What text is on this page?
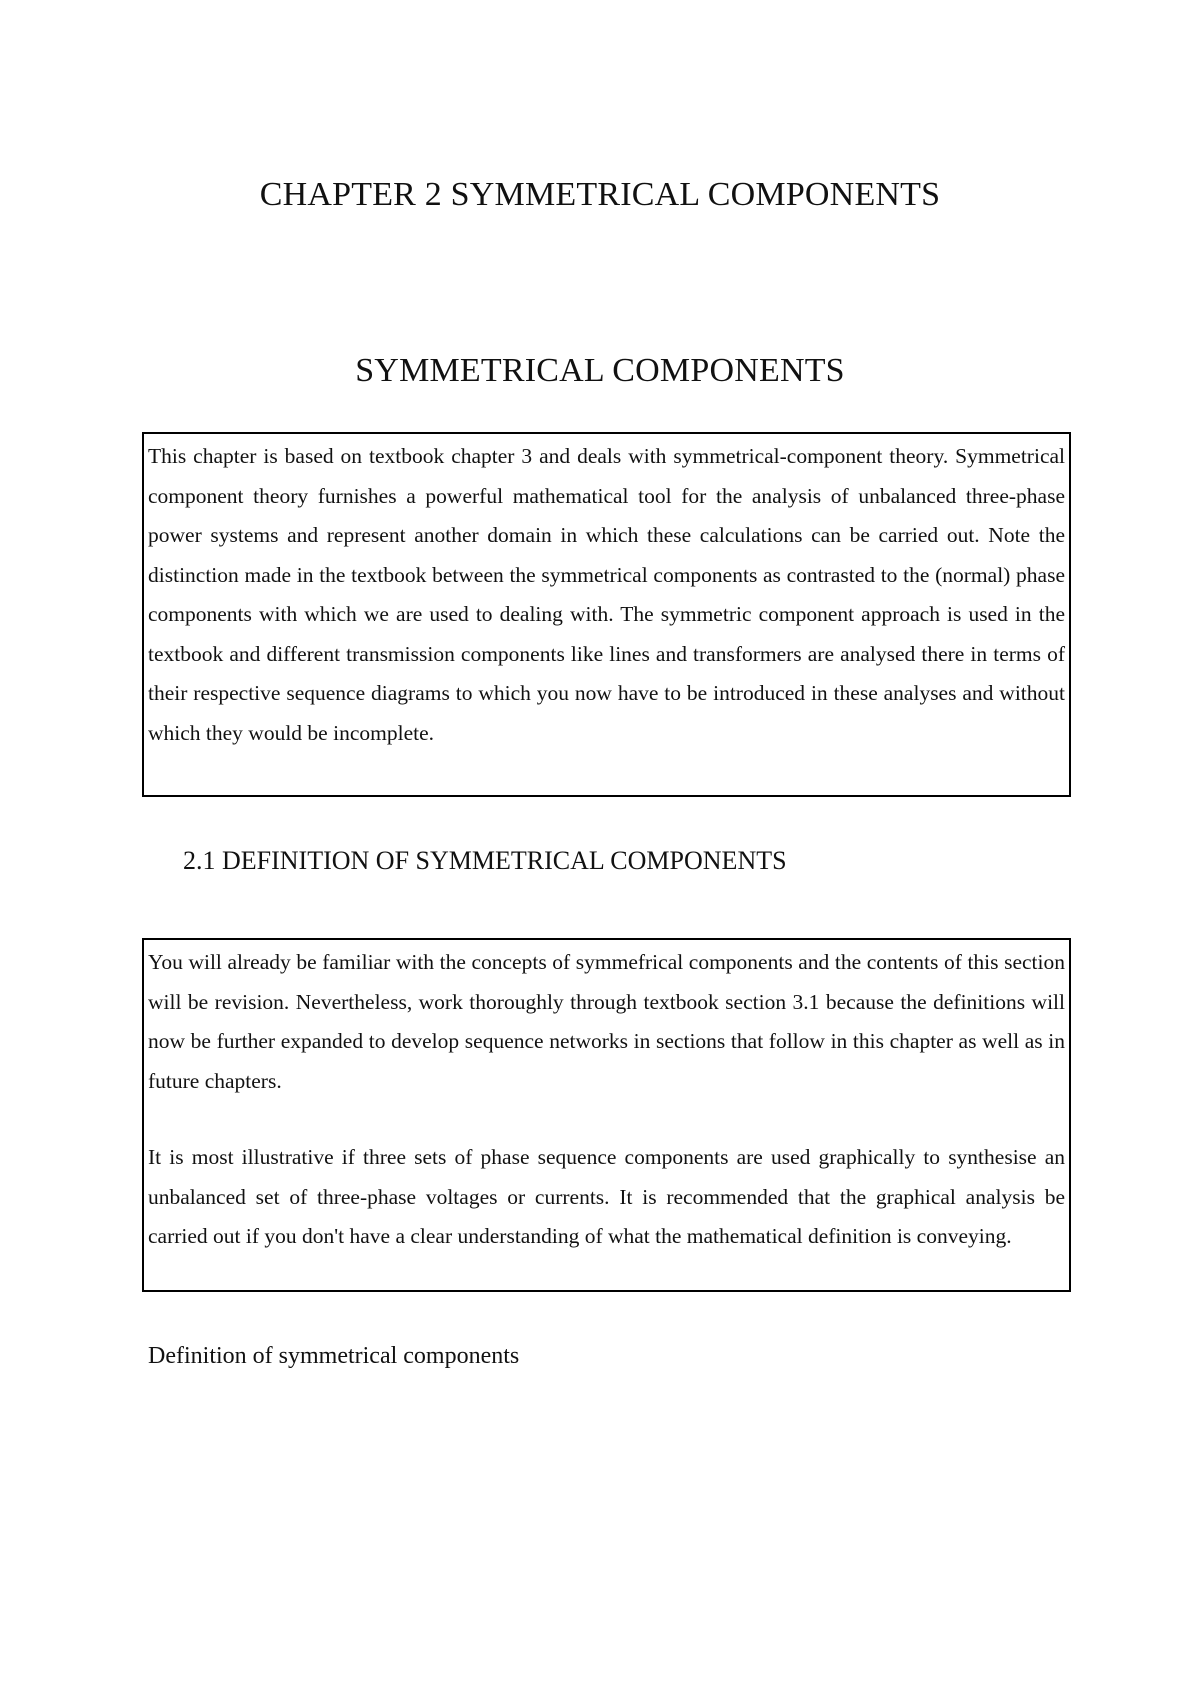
CHAPTER 2 SYMMETRICAL COMPONENTS
SYMMETRICAL COMPONENTS

This chapter is based on textbook chapter 3 and deals with symmetrical-component theory. Symmetrical component theory furnishes a powerful mathematical tool for the analysis of unbalanced three-phase power systems and represent another domain in which these calculations can be carried out. Note the distinction made in the textbook between the symmetrical components as contrasted to the (normal) phase components with which we are used to dealing with. The symmetric component approach is used in the textbook and different transmission components like lines and transformers are analysed there in terms of their respective sequence diagrams to which you now have to be introduced in these analyses and without which they would be incomplete.

2.1 DEFINITION OF SYMMETRICAL COMPONENTS

You will already be familiar with the concepts of symmefrical components and the contents of this section will be revision. Nevertheless, work thoroughly through textbook section 3.1 because the definitions will now be further expanded to develop sequence networks in sections that follow in this chapter as well as in future chapters.

It is most illustrative if three sets of phase sequence components are used graphically to synthesise an unbalanced set of three-phase voltages or currents. It is recommended that the graphical analysis be carried out if you don't have a clear understanding of what the mathematical definition is conveying.

Definition of symmetrical components
